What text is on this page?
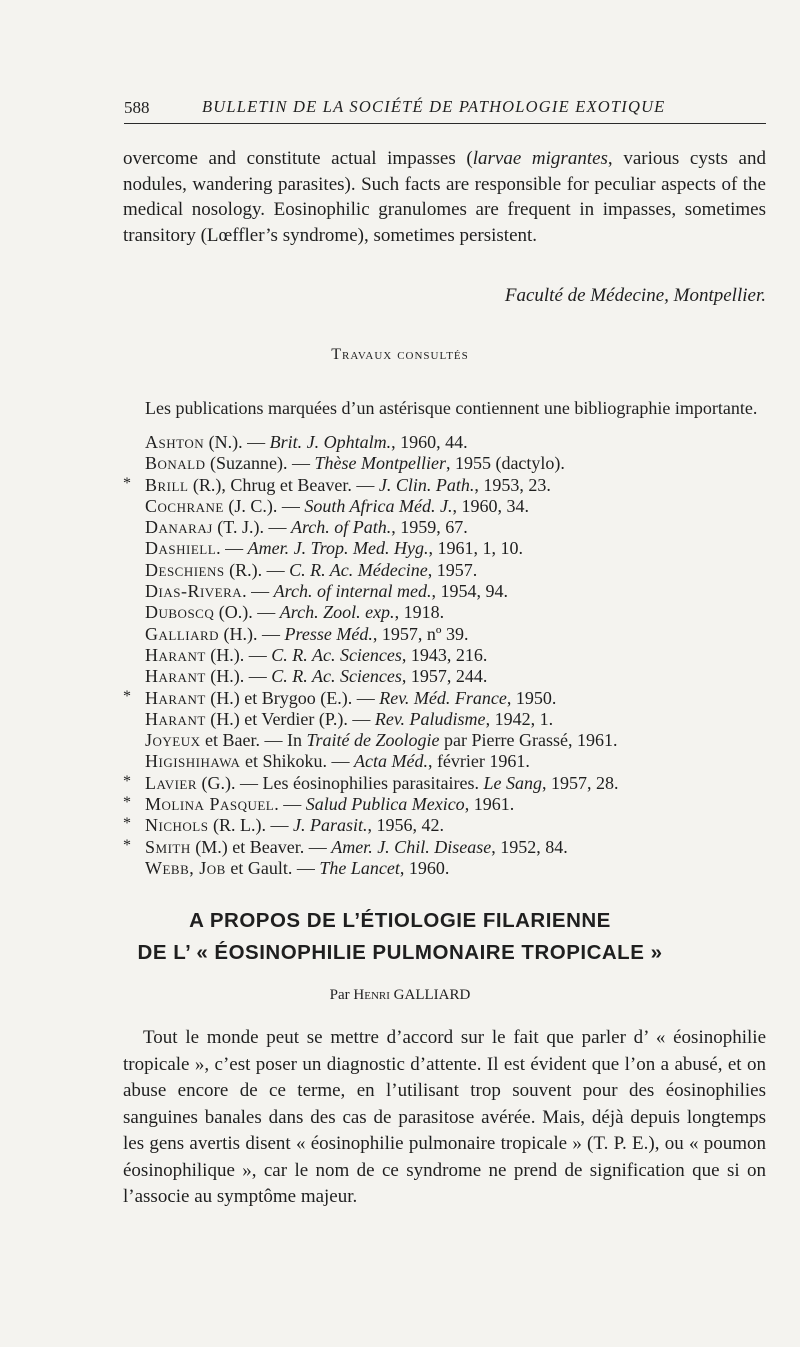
588	BULLETIN DE LA SOCIÉTÉ DE PATHOLOGIE EXOTIQUE
overcome and constitute actual impasses (larvae migrantes, various cysts and nodules, wandering parasites). Such facts are responsible for peculiar aspects of the medical nosology. Eosinophilic granulomes are frequent in impasses, sometimes transitory (Lœffler’s syndrome), sometimes persistent.
Faculté de Médecine, Montpellier.
Travaux consultés
Les publications marquées d’un astérisque contiennent une bibliographie importante.
Ashton (N.). — Brit. J. Ophtalm., 1960, 44.
Bonald (Suzanne). — Thèse Montpellier, 1955 (dactylo).
* Brill (R.), Chrug et Beaver. — J. Clin. Path., 1953, 23.
Cochrane (J. C.). — South Africa Méd. J., 1960, 34.
Danaraj (T. J.). — Arch. of Path., 1959, 67.
Dashiell. — Amer. J. Trop. Med. Hyg., 1961, 1, 10.
Deschiens (R.). — C. R. Ac. Médecine, 1957.
Dias-Rivera. — Arch. of internal med., 1954, 94.
Duboscq (O.). — Arch. Zool. exp., 1918.
Galliard (H.). — Presse Méd., 1957, nº 39.
Harant (H.). — C. R. Ac. Sciences, 1943, 216.
Harant (H.). — C. R. Ac. Sciences, 1957, 244.
* Harant (H.) et Brygoo (E.). — Rev. Méd. France, 1950.
Harant (H.) et Verdier (P.). — Rev. Paludisme, 1942, 1.
Joyeux et Baer. — In Traité de Zoologie par Pierre Grassé, 1961.
Higishihawa et Shikoku. — Acta Méd., février 1961.
* Lavier (G.). — Les éosinophilies parasitaires. Le Sang, 1957, 28.
* Molina Pasquel. — Salud Publica Mexico, 1961.
* Nichols (R. L.). — J. Parasit., 1956, 42.
* Smith (M.) et Beaver. — Amer. J. Chil. Disease, 1952, 84.
Webb, Job et Gault. — The Lancet, 1960.
A PROPOS DE L’ÉTIOLOGIE FILARIENNE
DE L’ « ÉOSINOPHILIE PULMONAIRE TROPICALE »
Par Henri GALLIARD
Tout le monde peut se mettre d’accord sur le fait que parler d’ « éosinophilie tropicale », c’est poser un diagnostic d’attente. Il est évident que l’on a abusé, et on abuse encore de ce terme, en l’utilisant trop souvent pour des éosinophilies sanguines banales dans des cas de parasitose avérée. Mais, déjà depuis longtemps les gens avertis disent « éosinophilie pulmonaire tropicale » (T. P. E.), ou « poumon éosinophilique », car le nom de ce syndrome ne prend de signification que si on l’associe au symptôme majeur.
